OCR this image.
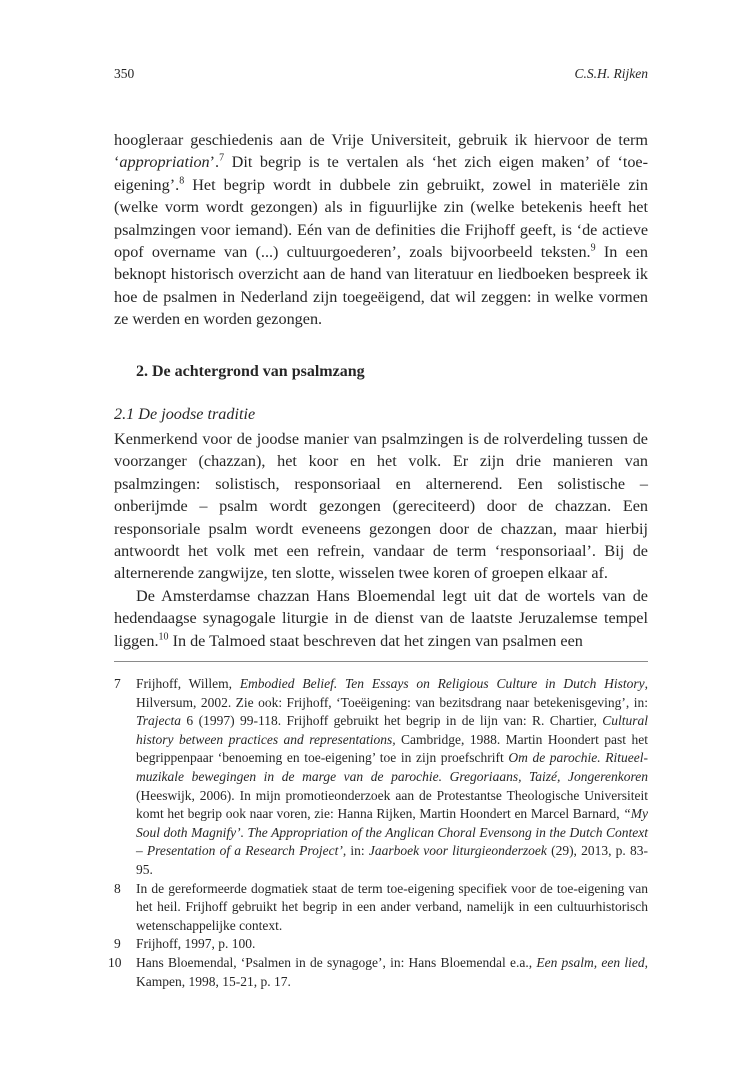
350	C.S.H. Rijken

hoogleraar geschiedenis aan de Vrije Universiteit, gebruik ik hiervoor de term ‘appropriation’.$^7$ Dit begrip is te vertalen als ‘het zich eigen maken’ of ‘toe-eigening’.$^8$ Het begrip wordt in dubbele zin gebruikt, zowel in materiële zin (welke vorm wordt gezongen) als in figuurlijke zin (welke betekenis heeft het psalmzingen voor iemand). Eén van de definities die Frijhoff geeft, is ‘de actieve opof overname van (...) cultuurgoederen’, zoals bijvoorbeeld teksten.$^9$ In een beknopt historisch overzicht aan de hand van literatuur en liedboeken bespreek ik hoe de psalmen in Nederland zijn toegeëigend, dat wil zeggen: in welke vormen ze werden en worden gezongen.

2. De achtergrond van psalmzang
2.1 De joodse traditie

Kenmerkend voor de joodse manier van psalmzingen is de rolverdeling tussen de voorzanger (chazzan), het koor en het volk. Er zijn drie manieren van psalmzingen: solistisch, responsoriaal en alternerend. Een solistische – onberijmde – psalm wordt gezongen (gereciteerd) door de chazzan. Een responsoriale psalm wordt eveneens gezongen door de chazzan, maar hierbij antwoordt het volk met een refrein, vandaar de term ‘responsoriaal’. Bij de alternerende zangwijze, ten slotte, wisselen twee koren of groepen elkaar af.

De Amsterdamse chazzan Hans Bloemendal legt uit dat de wortels van de hedendaagse synagogale liturgie in de dienst van de laatste Jeruzalemse tempel liggen.$^{10}$ In de Talmoed staat beschreven dat het zingen van psalmen een

7	Frijhoff, Willem, Embodied Belief. Ten Essays on Religious Culture in Dutch History, Hilversum, 2002. Zie ook: Frijhoff, ‘Toeëigening: van bezitsdrang naar betekenisgeving’, in: Trajecta 6 (1997) 99-118. Frijhoff gebruikt het begrip in de lijn van: R. Chartier, Cultural history between practices and representations, Cambridge, 1988. Martin Hoondert past het begrippenpaar ‘benoeming en toe-eigening’ toe in zijn proefschrift Om de parochie. Ritueel-muzikale bewegingen in de marge van de parochie. Gregoriaans, Taizé, Jongerenkoren (Heeswijk, 2006). In mijn promotieonderzoek aan de Protestantse Theologische Universiteit komt het begrip ook naar voren, zie: Hanna Rijken, Martin Hoondert en Marcel Barnard, “My Soul doth Magnify’. The Appropriation of the Anglican Choral Evensong in the Dutch Context – Presentation of a Research Project’, in: Jaarboek voor liturgieonderzoek (29), 2013, p. 83-95.

8	In de gereformeerde dogmatiek staat de term toe-eigening specifiek voor de toe-eigening van het heil. Frijhoff gebruikt het begrip in een ander verband, namelijk in een cultuurhistorisch wetenschappelijke context.

9	Frijhoff, 1997, p. 100.

10 Hans Bloemendal, ‘Psalmen in de synagoge’, in: Hans Bloemendal e.a., Een psalm, een lied, Kampen, 1998, 15-21, p. 17.
